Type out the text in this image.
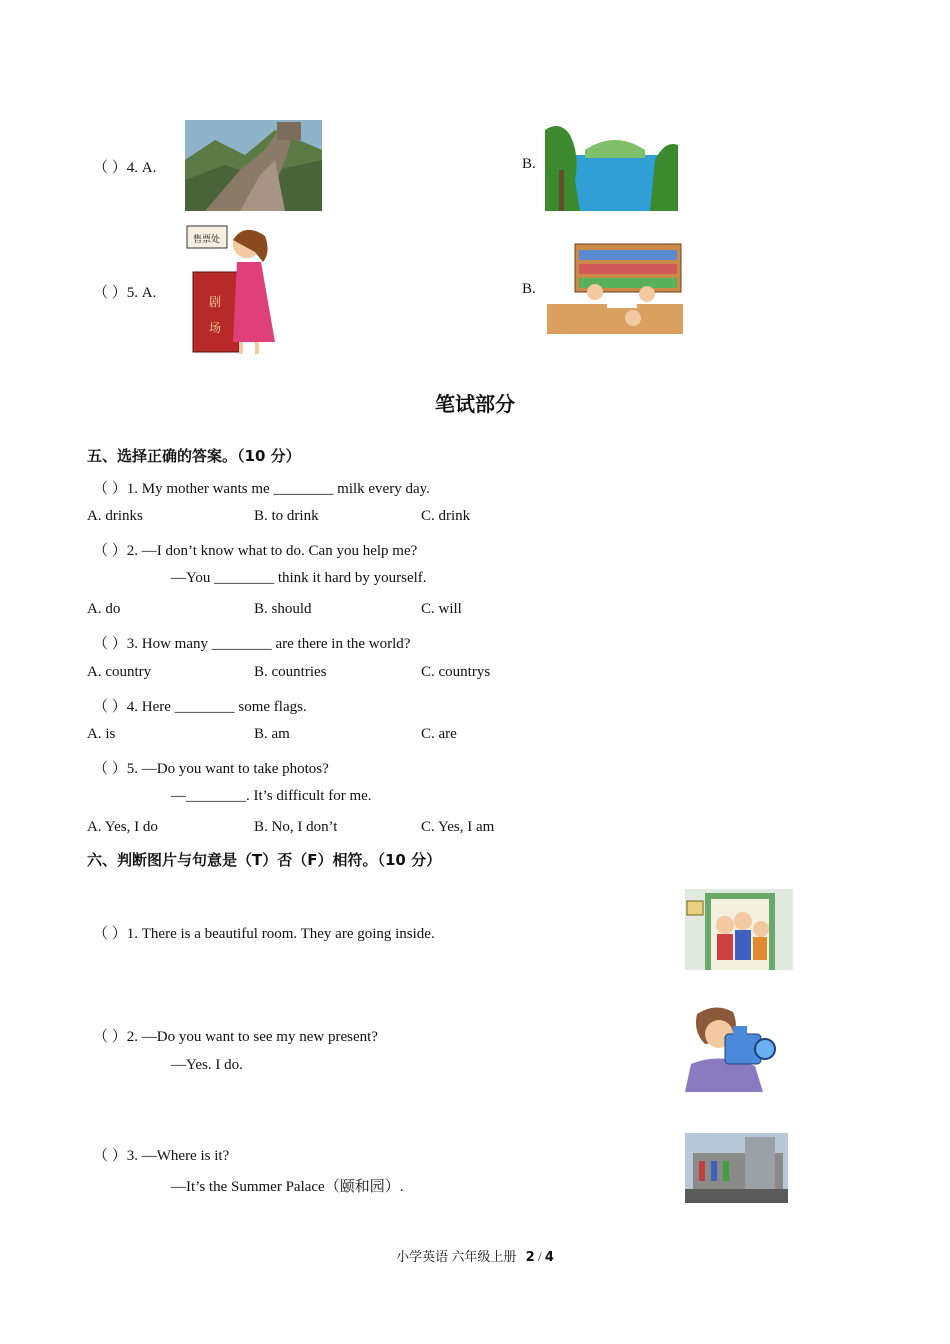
（ ）4. A.	B.
（ ）5. A.
售票处
剧
场
B.
笔试部分
五、选择正确的答案。（10 分）
（ ）1. My mother wants me ________ milk every day.
A. drinks	B. to drink	C. drink
（ ）2. —I don’t know what to do. Can you help me?
—You ________ think it hard by yourself.
A. do	B. should	C. will
（ ）3. How many ________ are there in the world?
A. country	B. countries	C. countrys
（ ）4. Here ________ some flags.
A. is	B. am	C. are
（ ）5. —Do you want to take photos?
—________. It’s difficult for me.
A. Yes, I do	B. No, I don’t	C. Yes, I am
六、判断图片与句意是（T）否（F）相符。（10 分）
（ ）1. There is a beautiful room. They are going inside.
（ ）2. —Do you want to see my new present?
—Yes. I do.
（ ）3. —Where is it?
—It’s the Summer Palace（颐和园）.
小学英语 六年级上册 2 / 4
